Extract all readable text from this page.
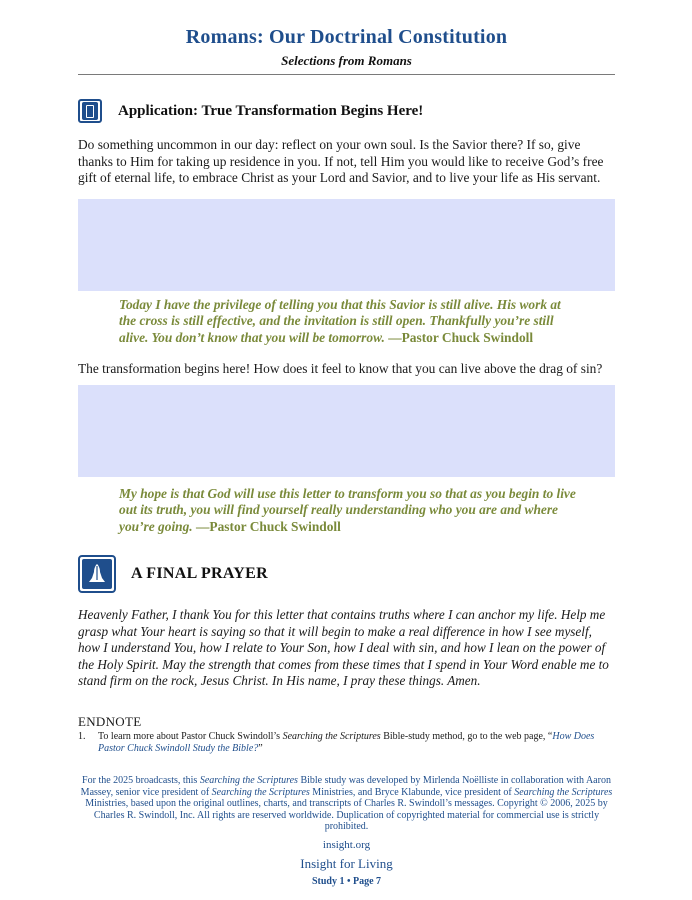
Romans: Our Doctrinal Constitution
Selections from Romans
Application: True Transformation Begins Here!

Do something uncommon in our day: reflect on your own soul. Is the Savior there? If so, give thanks to Him for taking up residence in you. If not, tell Him you would like to receive God’s free gift of eternal life, to embrace Christ as your Lord and Savior, and to live your life as His servant.

Today I have the privilege of telling you that this Savior is still alive. His work at the cross is still effective, and the invitation is still open. Thankfully you’re still alive. You don’t know that you will be tomorrow. —Pastor Chuck Swindoll

The transformation begins here! How does it feel to know that you can live above the drag of sin?

My hope is that God will use this letter to transform you so that as you begin to live out its truth, you will find yourself really understanding who you are and where you’re going. —Pastor Chuck Swindoll
A FINAL PRAYER

Heavenly Father, I thank You for this letter that contains truths where I can anchor my life. Help me grasp what Your heart is saying so that it will begin to make a real difference in how I see myself, how I understand You, how I relate to Your Son, how I deal with sin, and how I lean on the power of the Holy Spirit. May the strength that comes from these times that I spend in Your Word enable me to stand firm on the rock, Jesus Christ. In His name, I pray these things. Amen.

ENDNOTE
1.	To learn more about Pastor Chuck Swindoll’s Searching the Scriptures Bible-study method, go to the web page, “How Does Pastor Chuck Swindoll Study the Bible?”
For the 2025 broadcasts, this Searching the Scriptures Bible study was developed by Mirlenda Noëlliste in collaboration with Aaron Massey, senior vice president of Searching the Scriptures Ministries, and Bryce Klabunde, vice president of Searching the Scriptures Ministries, based upon the original outlines, charts, and transcripts of Charles R. Swindoll’s messages. Copyright © 2006, 2025 by Charles R. Swindoll, Inc. All rights are reserved worldwide. Duplication of copyrighted material for commercial use is strictly prohibited.
insight.org
Insight for Living
Study 1 • Page 7
